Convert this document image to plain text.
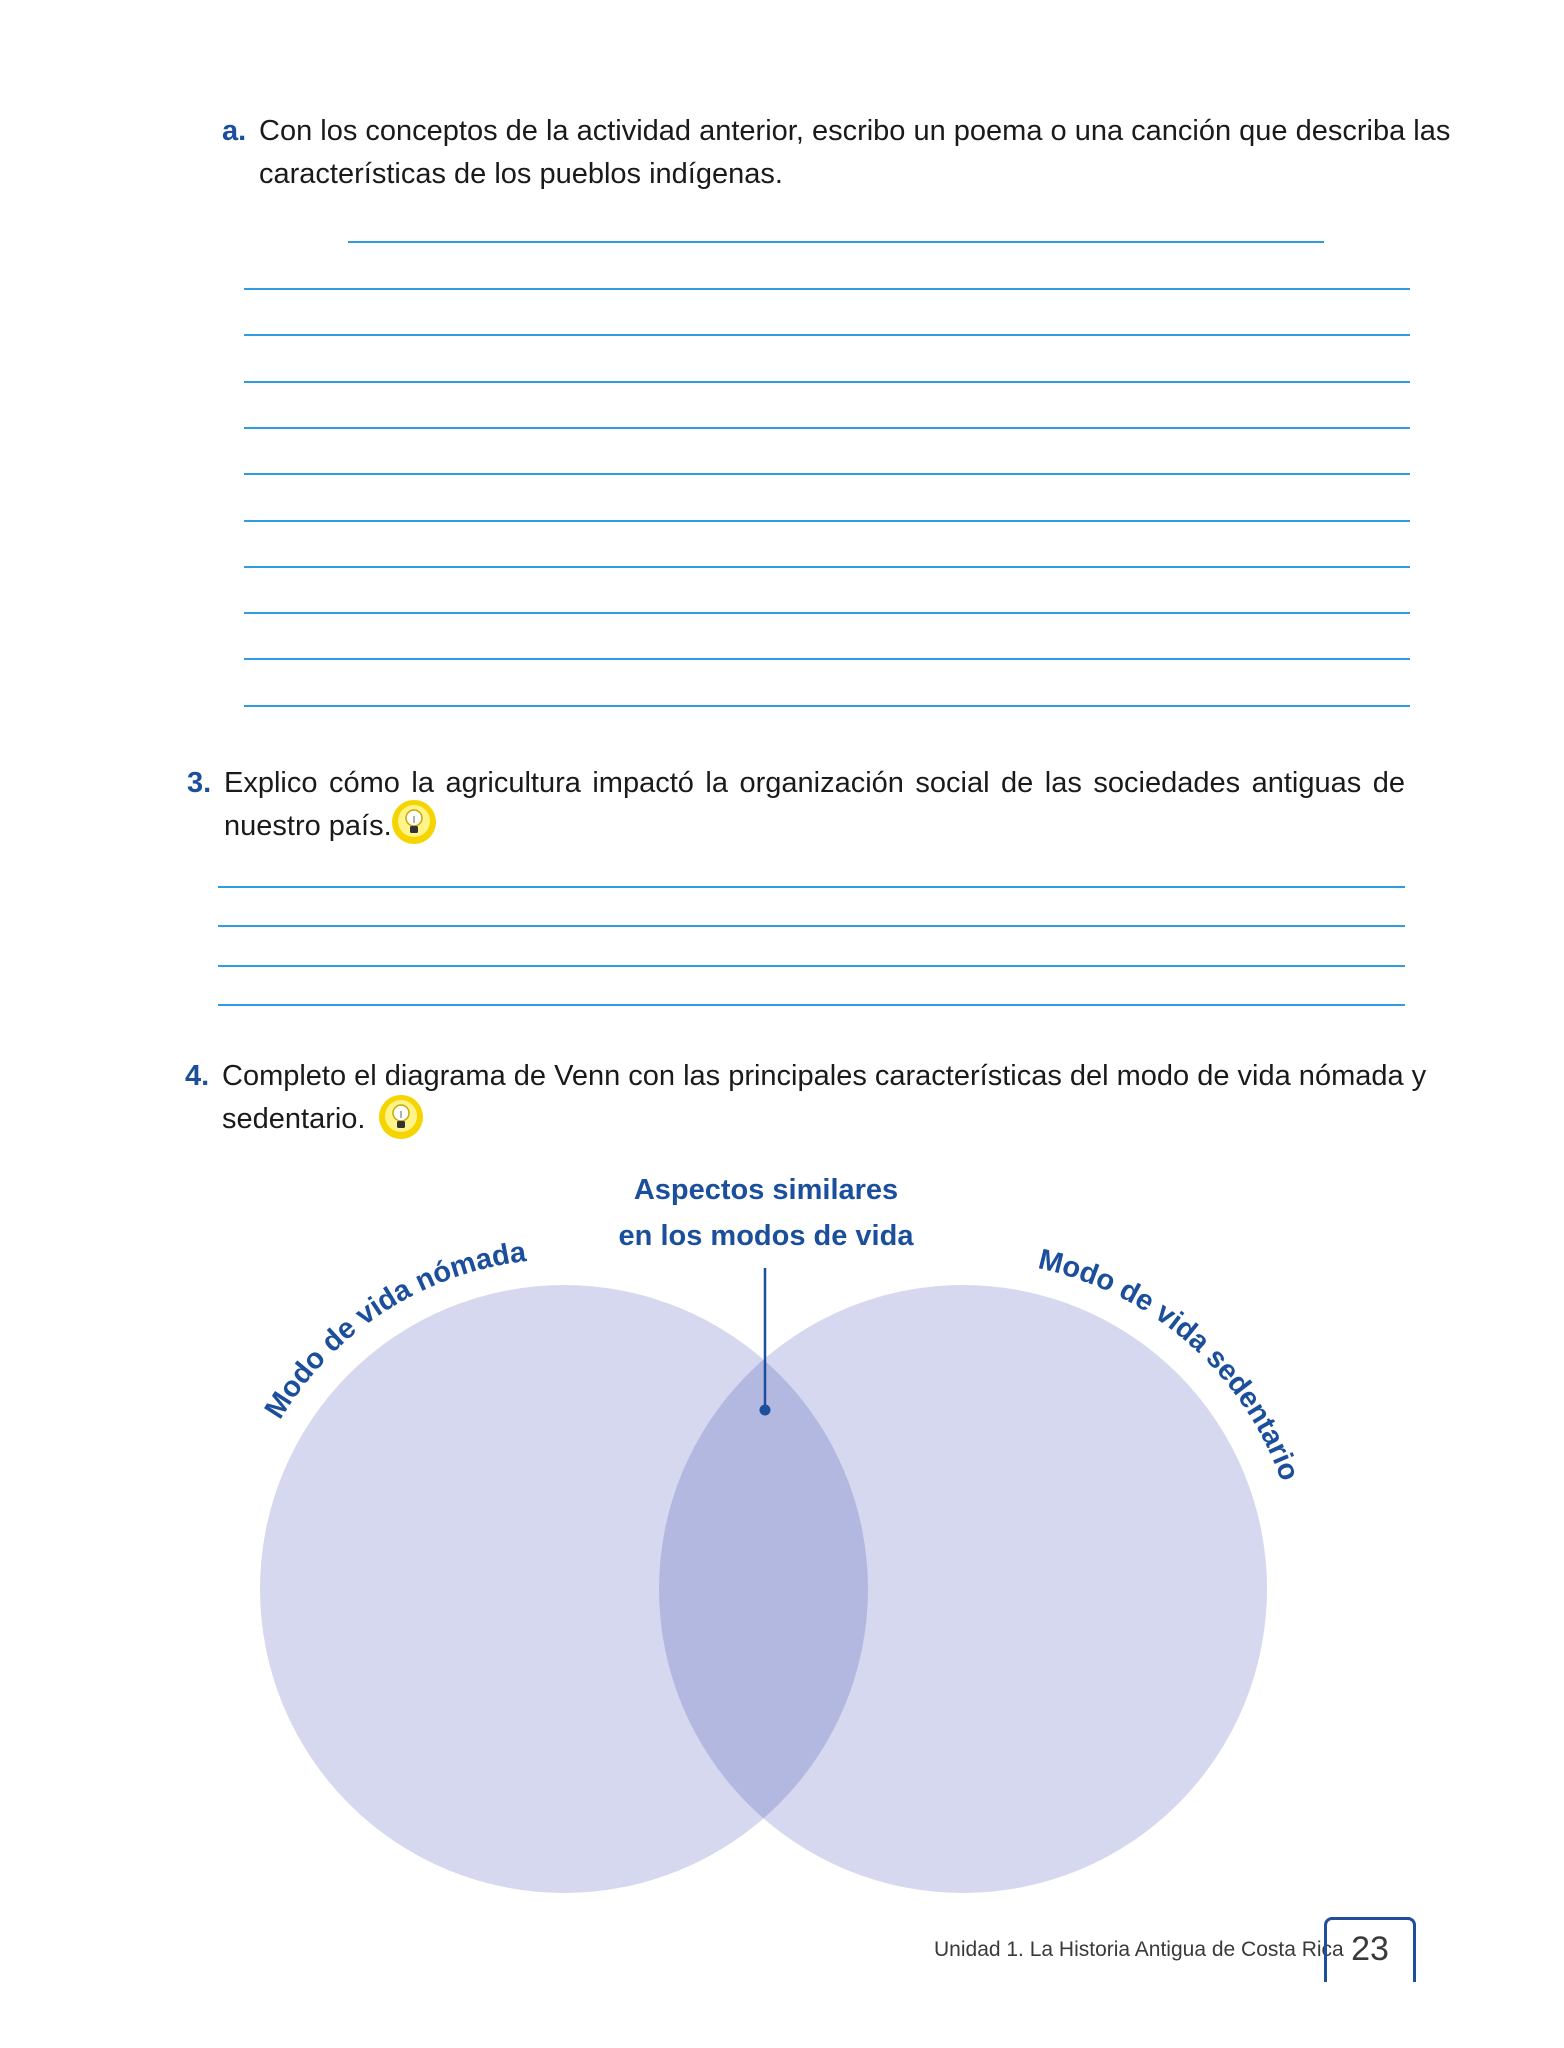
a. Con los conceptos de la actividad anterior, escribo un poema o una canción que describa las
características de los pueblos indígenas.
3. Explico cómo la agricultura impactó la organización social de las sociedades antiguas de
nuestro país.
4. Completo el diagrama de Venn con las principales características del modo de vida nómada y
sedentario.
Modo de vida nómada	Modo de vida sedentario
Aspectos similares
en los modos de vida
Unidad 1. La Historia Antigua de Costa Rica 23
